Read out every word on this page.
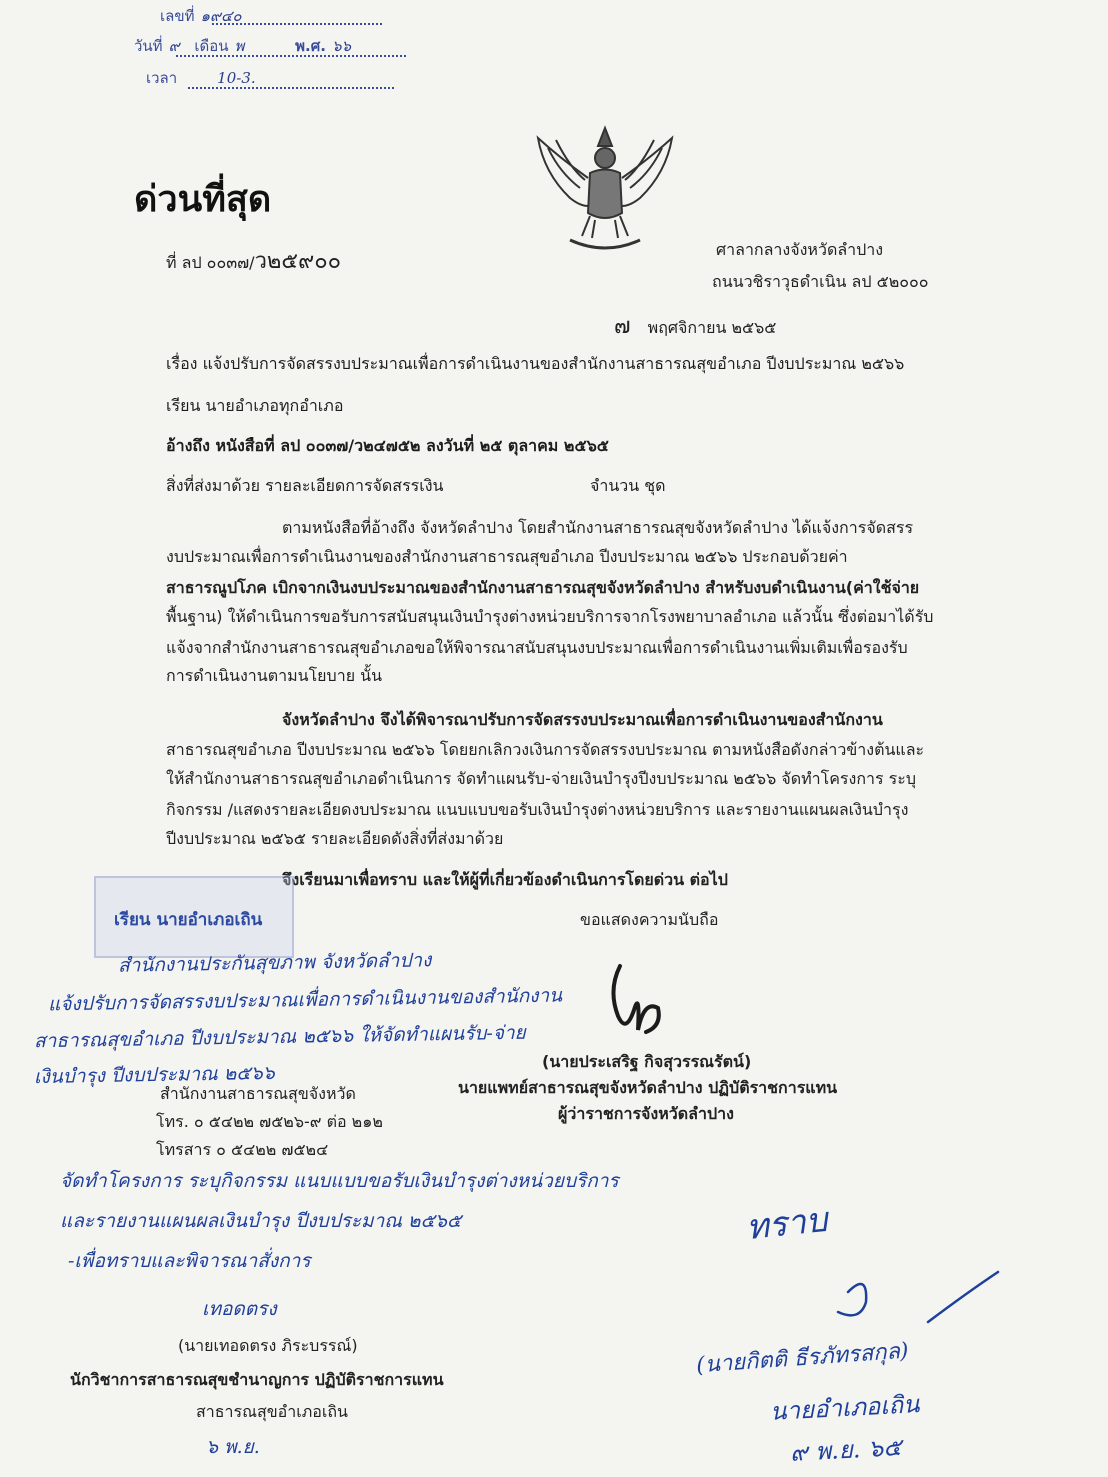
เลขที่ ๑๙๔๐
วันที่ ๙ เดือน พ	พ.ศ. ๖๖
เวลา	10-3.
ด่วนที่สุด
ที่ ลป ๐๐๓๗/ว๒๕๙๐๐	ศาลากลางจังหวัดลำปาง
ถนนวชิราวุธดำเนิน ลป ๕๒๐๐๐
๗ พฤศจิกายน ๒๕๖๕
เรื่อง แจ้งปรับการจัดสรรงบประมาณเพื่อการดำเนินงานของสำนักงานสาธารณสุขอำเภอ ปีงบประมาณ ๒๕๖๖
เรียน นายอำเภอทุกอำเภอ
อ้างถึง หนังสือที่ ลป ๐๐๓๗/ว๒๔๗๕๒ ลงวันที่ ๒๕ ตุลาคม ๒๕๖๕
สิ่งที่ส่งมาด้วย รายละเอียดการจัดสรรเงิน	จำนวน ชุด
ตามหนังสือที่อ้างถึง จังหวัดลำปาง โดยสำนักงานสาธารณสุขจังหวัดลำปาง ได้แจ้งการจัดสรร
งบประมาณเพื่อการดำเนินงานของสำนักงานสาธารณสุขอำเภอ ปีงบประมาณ ๒๕๖๖ ประกอบด้วยค่า
สาธารณูปโภค เบิกจากเงินงบประมาณของสำนักงานสาธารณสุขจังหวัดลำปาง สำหรับงบดำเนินงาน(ค่าใช้จ่าย
พื้นฐาน) ให้ดำเนินการขอรับการสนับสนุนเงินบำรุงต่างหน่วยบริการจากโรงพยาบาลอำเภอ แล้วนั้น ซึ่งต่อมาได้รับ
แจ้งจากสำนักงานสาธารณสุขอำเภอขอให้พิจารณาสนับสนุนงบประมาณเพื่อการดำเนินงานเพิ่มเติมเพื่อรองรับ
การดำเนินงานตามนโยบาย นั้น
จังหวัดลำปาง จึงได้พิจารณาปรับการจัดสรรงบประมาณเพื่อการดำเนินงานของสำนักงาน
สาธารณสุขอำเภอ ปีงบประมาณ ๒๕๖๖ โดยยกเลิกวงเงินการจัดสรรงบประมาณ ตามหนังสือดังกล่าวข้างต้นและ
ให้สำนักงานสาธารณสุขอำเภอดำเนินการ จัดทำแผนรับ-จ่ายเงินบำรุงปีงบประมาณ ๒๕๖๖ จัดทำโครงการ ระบุ
กิจกรรม /แสดงรายละเอียดงบประมาณ แนบแบบขอรับเงินบำรุงต่างหน่วยบริการ และรายงานแผนผลเงินบำรุง
ปีงบประมาณ ๒๕๖๕ รายละเอียดดังสิ่งที่ส่งมาด้วย
จึงเรียนมาเพื่อทราบ และให้ผู้ที่เกี่ยวข้องดำเนินการโดยด่วน ต่อไป
ขอแสดงความนับถือ
เรียน นายอำเภอเถิน
(นายประเสริฐ กิจสุวรรณรัตน์)
นายแพทย์สาธารณสุขจังหวัดลำปาง ปฏิบัติราชการแทน
ผู้ว่าราชการจังหวัดลำปาง
สำนักงานประกันสุขภาพ จังหวัดลำปาง
แจ้งปรับการจัดสรรงบประมาณเพื่อการดำเนินงานของสำนักงาน
สาธารณสุขอำเภอ ปีงบประมาณ ๒๕๖๖ ให้จัดทำแผนรับ-จ่าย
เงินบำรุง ปีงบประมาณ ๒๕๖๖
สำนักงานสาธารณสุขจังหวัด
โทร. ๐ ๕๔๒๒ ๗๕๒๖-๙ ต่อ ๒๑๒
โทรสาร ๐ ๕๔๒๒ ๗๕๒๔
จัดทำโครงการ ระบุกิจกรรม แนบแบบขอรับเงินบำรุงต่างหน่วยบริการ
และรายงานแผนผลเงินบำรุง ปีงบประมาณ ๒๕๖๕
-เพื่อทราบและพิจารณาสั่งการ
เทอดตรง
(นายเทอดตรง ภิระบรรณ์)
นักวิชาการสาธารณสุขชำนาญการ ปฏิบัติราชการแทน
สาธารณสุขอำเภอเถิน
๖ พ.ย.
ทราบ
(นายกิตติ ธีรภัทรสกุล)
นายอำเภอเถิน
๙ พ.ย. ๖๕
